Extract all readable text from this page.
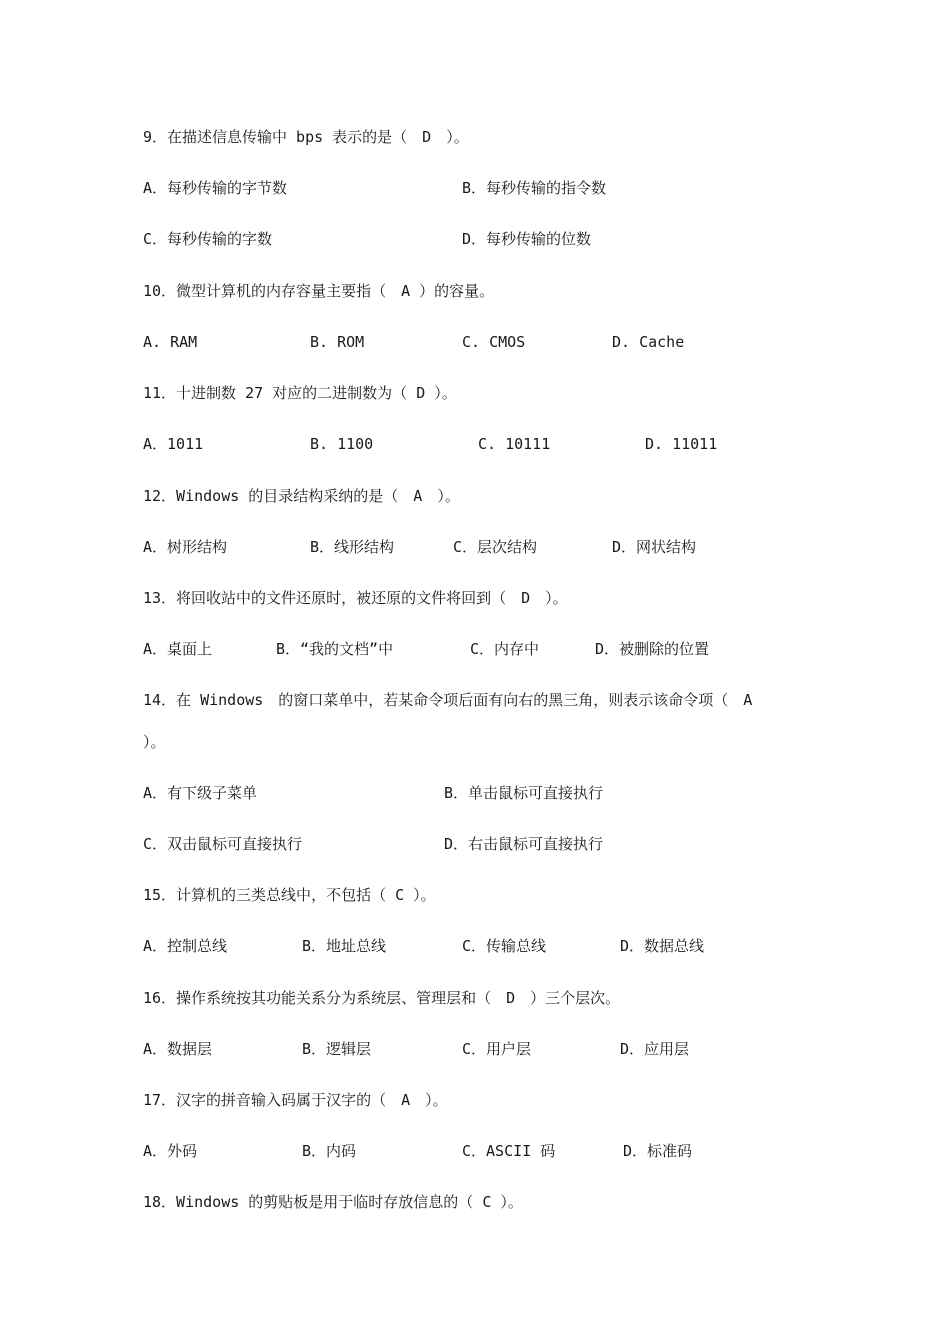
9．在描述信息传输中 bps 表示的是（　D　）。
A．每秒传输的字节数	B．每秒传输的指令数
C．每秒传输的字数	D．每秒传输的位数
10．微型计算机的内存容量主要指（　A ）的容量。
A. RAM	B. ROM	C. CMOS	D. Cache
11．十进制数 27 对应的二进制数为（ D ）。
A．1011	B. 1100	C. 10111	D. 11011
12．Windows 的目录结构采纳的是（　A　）。
A．树形结构	B．线形结构	C．层次结构	D．网状结构
13．将回收站中的文件还原时，被还原的文件将回到（　D　）。
A．桌面上	B．“我的文档”中	C．内存中	D．被删除的位置
14．在 Windows　的窗口菜单中，若某命令项后面有向右的黑三角，则表示该命令项（　A
）。
A．有下级子菜单	B．单击鼠标可直接执行
C．双击鼠标可直接执行	D．右击鼠标可直接执行
15．计算机的三类总线中，不包括（ C ）。
A．控制总线	B．地址总线	C．传输总线	D．数据总线
16．操作系统按其功能关系分为系统层、管理层和（　D　）三个层次。
A．数据层	B．逻辑层	C．用户层	D．应用层
17．汉字的拼音输入码属于汉字的（　A　）。
A．外码	B．内码	C．ASCII 码	D．标准码
18．Windows 的剪贴板是用于临时存放信息的（ C ）。
